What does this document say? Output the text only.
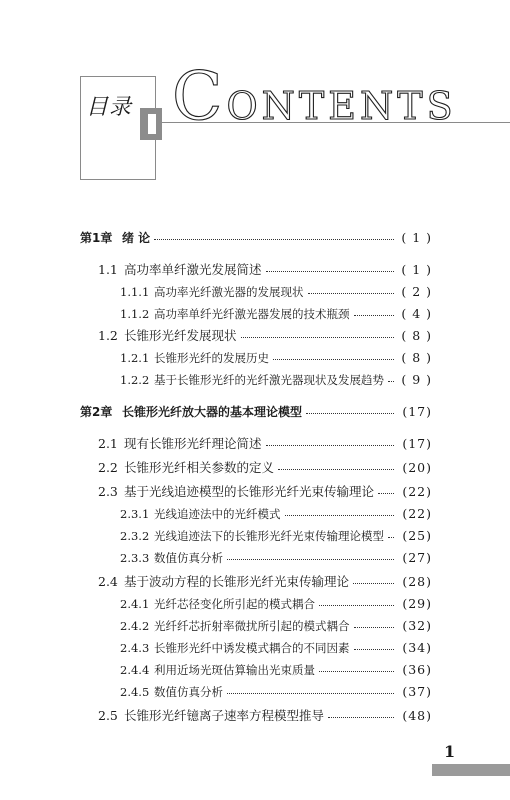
目录 CONTENTS
第1章 绪 论	( 1 )
1.1 高功率单纤激光发展简述	( 1 )
1.1.1 高功率光纤激光器的发展现状	( 2 )
1.1.2 高功率单纤光纤激光器发展的技术瓶颈	( 4 )
1.2 长锥形光纤发展现状	( 8 )
1.2.1 长锥形光纤的发展历史	( 8 )
1.2.2 基于长锥形光纤的光纤激光器现状及发展趋势	( 9 )
第2章 长锥形光纤放大器的基本理论模型	(17)
2.1 现有长锥形光纤理论简述	(17)
2.2 长锥形光纤相关参数的定义	(20)
2.3 基于光线追迹模型的长锥形光纤光束传输理论	(22)
2.3.1 光线追迹法中的光纤模式	(22)
2.3.2 光线追迹法下的长锥形光纤光束传输理论模型	(25)
2.3.3 数值仿真分析	(27)
2.4 基于波动方程的长锥形光纤光束传输理论	(28)
2.4.1 光纤芯径变化所引起的模式耦合	(29)
2.4.2 光纤纤芯折射率微扰所引起的模式耦合	(32)
2.4.3 长锥形光纤中诱发模式耦合的不同因素	(34)
2.4.4 利用近场光斑估算输出光束质量	(36)
2.4.5 数值仿真分析	(37)
2.5 长锥形光纤镱离子速率方程模型推导	(48)
1
